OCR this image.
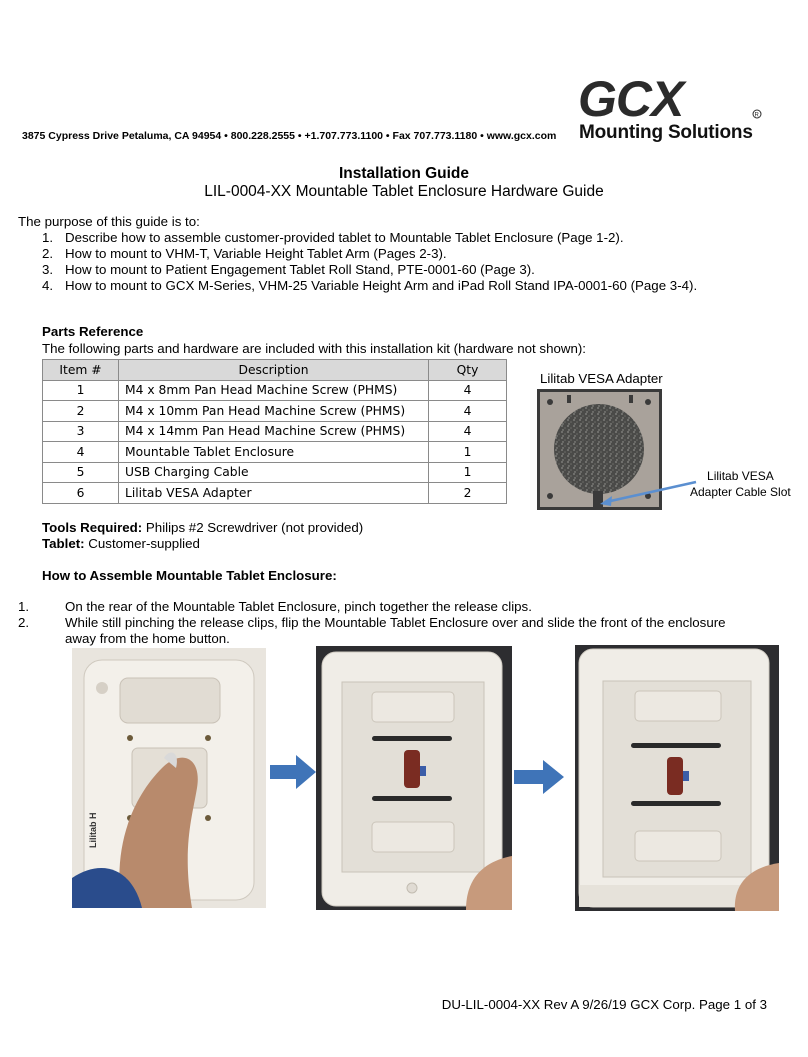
3875 Cypress Drive Petaluma, CA 94954 • 800.228.2555 • +1.707.773.1100 • Fax 707.773.1180 • www.gcx.com
GCX	R
Mounting Solutions
Installation Guide
LIL-0004-XX Mountable Tablet Enclosure Hardware Guide
The purpose of this guide is to:
1. Describe how to assemble customer-provided tablet to Mountable Tablet Enclosure (Page 1-2).
2. How to mount to VHM-T, Variable Height Tablet Arm (Pages 2-3).
3. How to mount to Patient Engagement Tablet Roll Stand, PTE-0001-60 (Page 3).
4. How to mount to GCX M-Series, VHM-25 Variable Height Arm and iPad Roll Stand IPA-0001-60 (Page 3-4).
Parts Reference
The following parts and hardware are included with this installation kit (hardware not shown):
Item #	Description	Qty
1	M4 x 8mm Pan Head Machine Screw (PHMS)	4
2	M4 x 10mm Pan Head Machine Screw (PHMS)	4
3	M4 x 14mm Pan Head Machine Screw (PHMS)	4
4	Mountable Tablet Enclosure	1
5	USB Charging Cable	1
6	Lilitab VESA Adapter	2
Lilitab VESA Adapter
Lilitab VESA
Adapter Cable Slot
Tools Required: Philips #2 Screwdriver (not provided)
Tablet: Customer-supplied
How to Assemble Mountable Tablet Enclosure:
1.	On the rear of the Mountable Tablet Enclosure, pinch together the release clips.
2.	While still pinching the release clips, flip the Mountable Tablet Enclosure over and slide the front of the enclosure away from the home button.
Lilitab H
DU-LIL-0004-XX Rev A 9/26/19 GCX Corp. Page 1 of 3
